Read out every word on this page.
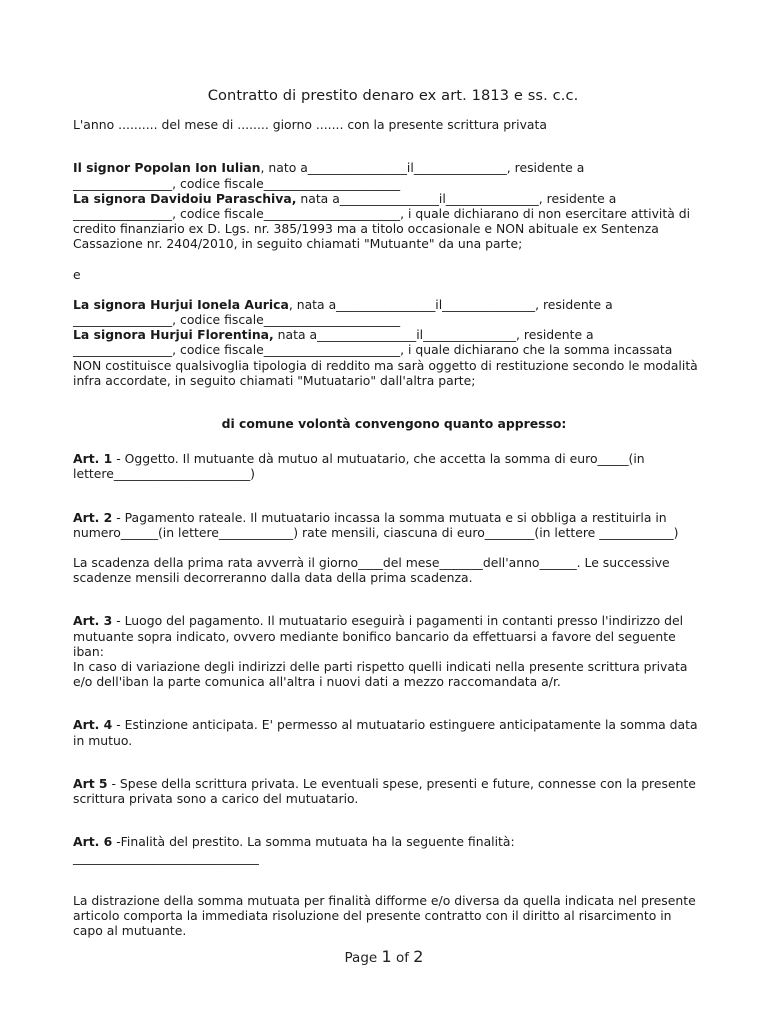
Contratto di prestito denaro ex art. 1813 e ss. c.c.

L'anno .......... del mese di ........ giorno ....... con la presente scrittura privata

Il signor Popolan Ion Iulian, nato a________________il_______________, residente a

________________, codice fiscale______________________

La signora Davidoiu Paraschiva, nata a________________il_______________, residente a

________________, codice fiscale______________________, i quale dichiarano di non esercitare attività di credito finanziario ex D. Lgs. nr. 385/1993 ma a titolo occasionale e NON abituale ex Sentenza Cassazione nr. 2404/2010, in seguito chiamati "Mutuante" da una parte;

e

La signora Hurjui Ionela Aurica, nata a________________il_______________, residente a

________________, codice fiscale______________________

La signora Hurjui Florentina, nata a________________il_______________, residente a

________________, codice fiscale______________________, i quale dichiarano che la somma incassata NON costituisce qualsivoglia tipologia di reddito ma sarà oggetto di restituzione secondo le modalità infra accordate, in seguito chiamati "Mutuatario" dall'altra parte;

di comune volontà convengono quanto appresso:

Art. 1 - Oggetto. Il mutuante dà mutuo al mutuatario, che accetta la somma di euro_____(in lettere______________________)

Art. 2 - Pagamento rateale. Il mutuatario incassa la somma mutuata e si obbliga a restituirla in numero______(in lettere____________) rate mensili, ciascuna di euro________(in lettere ____________)

La scadenza della prima rata avverrà il giorno____del mese_______dell'anno______. Le successive scadenze mensili decorreranno dalla data della prima scadenza.

Art. 3 - Luogo del pagamento. Il mutuatario eseguirà i pagamenti in contanti presso l'indirizzo del mutuante sopra indicato, ovvero mediante bonifico bancario da effettuarsi a favore del seguente iban:
In caso di variazione degli indirizzi delle parti rispetto quelli indicati nella presente scrittura privata e/o dell'iban la parte comunica all'altra i nuovi dati a mezzo raccomandata a/r.

Art. 4 - Estinzione anticipata. E' permesso al mutuatario estinguere anticipatamente la somma data in mutuo.

Art 5 - Spese della scrittura privata. Le eventuali spese, presenti e future, connesse con la presente scrittura privata sono a carico del mutuatario.

Art. 6 -Finalità del prestito. La somma mutuata ha la seguente finalità:
______________________________

La distrazione della somma mutuata per finalità difforme e/o diversa da quella indicata nel presente articolo comporta la immediata risoluzione del presente contratto con il diritto al risarcimento in capo al mutuante.

Page 1 of 2
